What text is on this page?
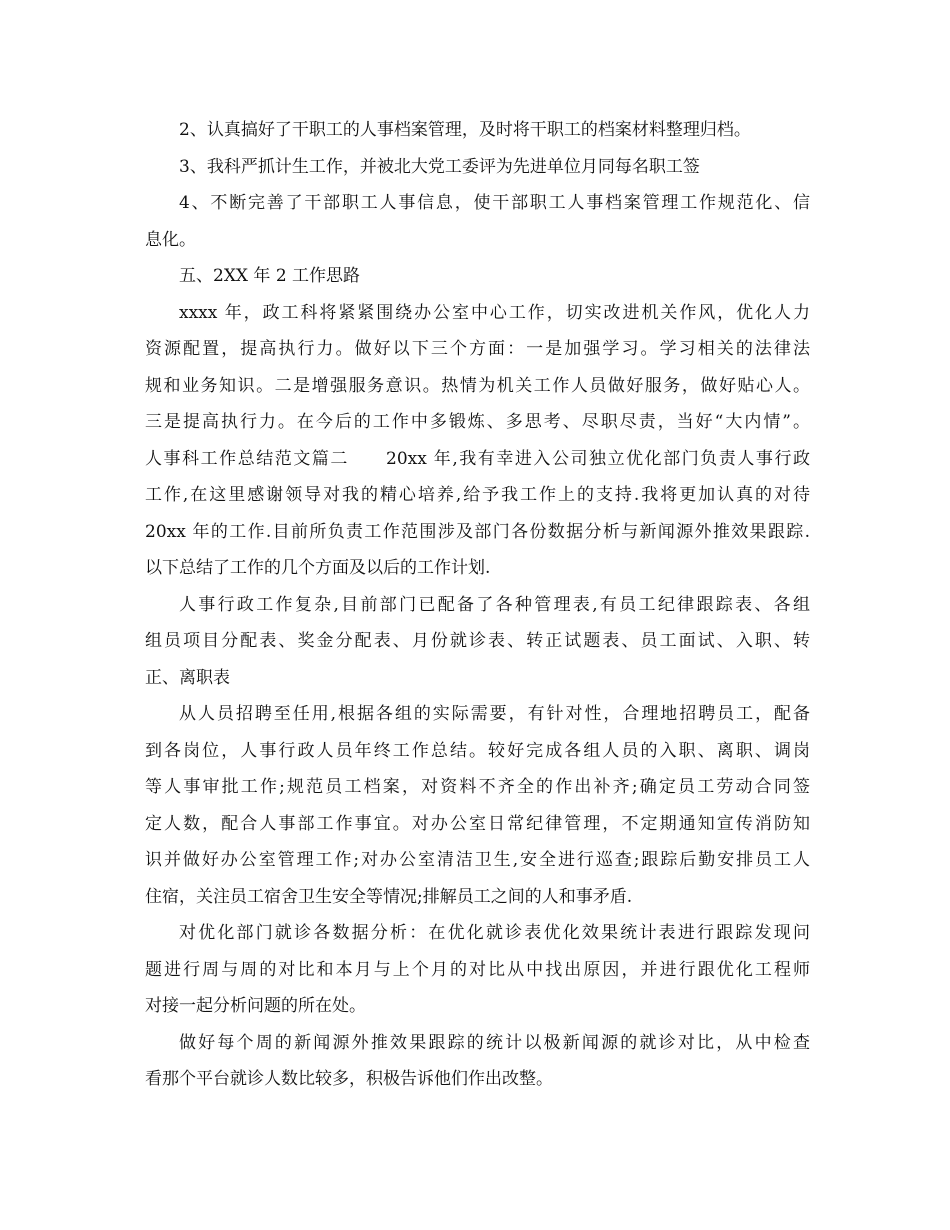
2、认真搞好了干职工的人事档案管理，及时将干职工的档案材料整理归档。
3、我科严抓计生工作，并被北大党工委评为先进单位月同每名职工签
4、不断完善了干部职工人事信息，使干部职工人事档案管理工作规范化、信
息化。
五、2XX 年 2 工作思路
xxxx 年，政工科将紧紧围绕办公室中心工作，切实改进机关作风，优化人力
资源配置，提高执行力。做好以下三个方面：一是加强学习。学习相关的法律法
规和业务知识。二是增强服务意识。热情为机关工作人员做好服务，做好贴心人。
三是提高执行力。在今后的工作中多锻炼、多思考、尽职尽责，当好“大内情”。
人事科工作总结范文篇二　　20xx 年,我有幸进入公司独立优化部门负责人事行政
工作,在这里感谢领导对我的精心培养,给予我工作上的支持.我将更加认真的对待
20xx 年的工作.目前所负责工作范围涉及部门各份数据分析与新闻源外推效果跟踪.
以下总结了工作的几个方面及以后的工作计划.
人事行政工作复杂,目前部门已配备了各种管理表,有员工纪律跟踪表、各组
组员项目分配表、奖金分配表、月份就诊表、转正试题表、员工面试、入职、转
正、离职表
从人员招聘至任用,根据各组的实际需要，有针对性，合理地招聘员工，配备
到各岗位，人事行政人员年终工作总结。较好完成各组人员的入职、离职、调岗
等人事审批工作;规范员工档案，对资料不齐全的作出补齐;确定员工劳动合同签
定人数，配合人事部工作事宜。对办公室日常纪律管理，不定期通知宣传消防知
识并做好办公室管理工作;对办公室清洁卫生,安全进行巡查;跟踪后勤安排员工人
住宿，关注员工宿舍卫生安全等情况;排解员工之间的人和事矛盾.
对优化部门就诊各数据分析：在优化就诊表优化效果统计表进行跟踪发现问
题进行周与周的对比和本月与上个月的对比从中找出原因，并进行跟优化工程师
对接一起分析问题的所在处。
做好每个周的新闻源外推效果跟踪的统计以极新闻源的就诊对比，从中检查
看那个平台就诊人数比较多，积极告诉他们作出改整。
